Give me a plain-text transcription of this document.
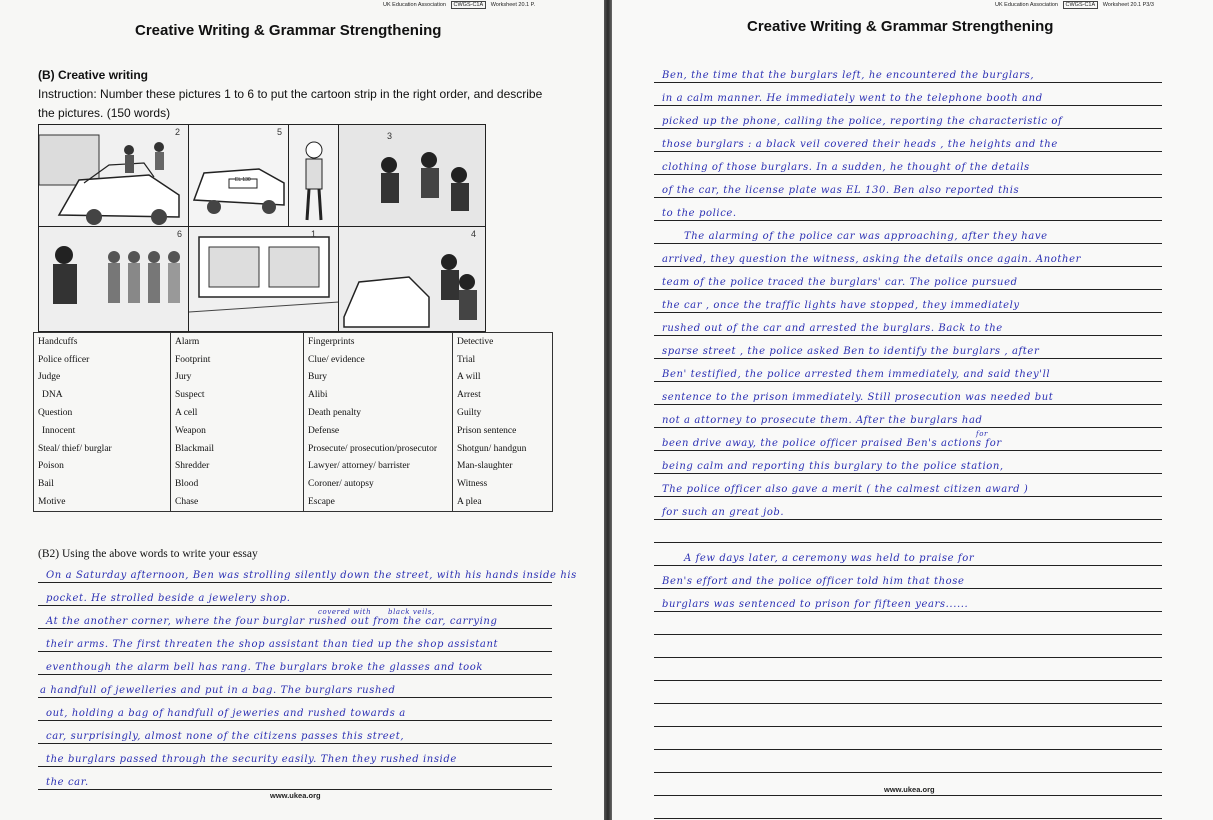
UK Education Association CWGS-C1A Worksheet 20.1 P.
Creative Writing & Grammar Strengthening
(B) Creative writing
Instruction: Number these pictures 1 to 6 to put the cartoon strip in the right order, and describe the pictures. (150 words)
2
EL 130
5	3
6	1	4
Handcuffs	Alarm	Fingerprints	Detective
Police officer	Footprint	Clue/ evidence	Trial
Judge	Jury	Bury	A will
DNA	Suspect	Alibi	Arrest
Question	A cell	Death penalty	Guilty
Innocent	Weapon	Defense	Prison sentence
Steal/ thief/ burglar	Blackmail	Prosecute/ prosecution/prosecutor	Shotgun/ handgun
Poison	Shredder	Lawyer/ attorney/ barrister	Man-slaughter
Bail	Blood	Coroner/ autopsy	Witness
Motive	Chase	Escape	A plea
(B2) Using the above words to write your essay
On a Saturday afternoon, Ben was strolling silently down the street, with his hands inside his
pocket. He strolled beside a jewelery shop.
At the another corner, where the four burglar rushed out from the car, carrying
covered with black veils,
their arms. The first threaten the shop assistant than tied up the shop assistant
eventhough the alarm bell has rang. The burglars broke the glasses and took
a handfull of jewelleries and put in a bag. The burglars rushed
out, holding a bag of handfull of jeweries and rushed towards a
car, surprisingly, almost none of the citizens passes this street,
the burglars passed through the security easily. Then they rushed inside
the car.
www.ukea.org
UK Education Association CWGS-C1A Worksheet 20.1 P3/3
Creative Writing & Grammar Strengthening
Ben, the time that the burglars left, he encountered the burglars,
in a calm manner. He immediately went to the telephone booth and
picked up the phone, calling the police, reporting the characteristic of
those burglars : a black veil covered their heads , the heights and the
clothing of those burglars. In a sudden, he thought of the details
of the car, the license plate was EL 130. Ben also reported this
to the police.
The alarming of the police car was approaching, after they have
arrived, they question the witness, asking the details once again. Another
team of the police traced the burglars' car. The police pursued
the car , once the traffic lights have stopped, they immediately
rushed out of the car and arrested the burglars. Back to the
sparse street , the police asked Ben to identify the burglars , after
Ben' testified, the police arrested them immediately, and said they'll
sentence to the prison immediately. Still prosecution was needed but
not a attorney to prosecute them. After the burglars had
been drive away, the police officer praised Ben's actions for
for
being calm and reporting this burglary to the police station,
The police officer also gave a merit ( the calmest citizen award )
for such an great job.
A few days later, a ceremony was held to praise for
Ben's effort and the police officer told him that those
burglars was sentenced to prison for fifteen years......
www.ukea.org
